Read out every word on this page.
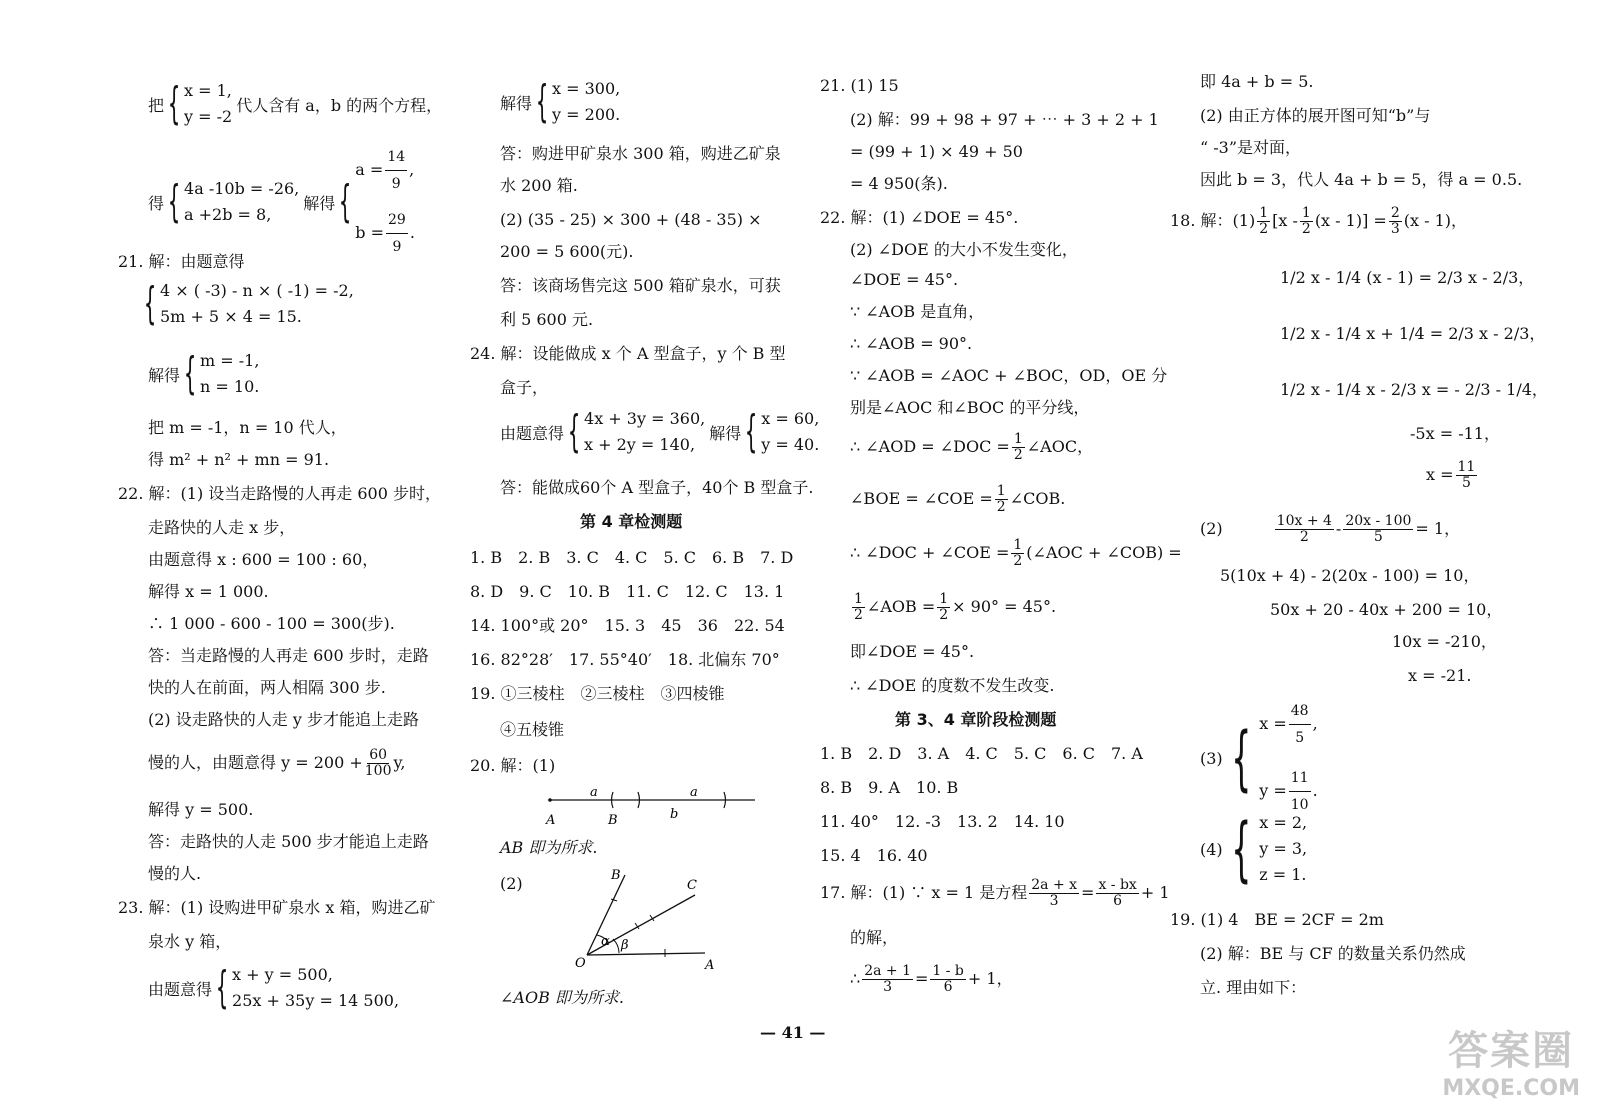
把 { x = 1,
y = -2
代人含有 a，b 的两个方程，
得 { 4a -10b = -26,
a +2b = 8,
解得 {
$a = \frac{14}{9}$ ,
$b = \frac{29}{9}$ .
21. 解：由题意得
{ 4 × ( -3) - n × ( -1) = -2,
5m + 5 × 4 = 15.
解得 { m = -1,
n = 10.
把 m = -1，n = 10 代人，
得 m² + n² + mn = 91.
22. 解：(1) 设当走路慢的人再走 600 步时，
走路快的人走 x 步，
由题意得 x : 600 = 100 : 60，
解得 x = 1 000.
∴ 1 000 - 600 - 100 = 300(步).
答：当走路慢的人再走 600 步时，走路
快的人在前面，两人相隔 300 步.
(2) 设走路快的人走 y 步才能追上走路
慢的人，由题意得 $y = 200 + \frac{60}{100} y$,
解得 y = 500.
答：走路快的人走 500 步才能追上走路
慢的人.
23. 解：(1) 设购进甲矿泉水 x 箱，购进乙矿
泉水 y 箱，
由题意得 { x + y = 500,
25x + 35y = 14 500,
解得 { x = 300,
y = 200.
答：购进甲矿泉水 300 箱，购进乙矿泉
水 200 箱.
(2) (35 - 25) × 300 + (48 - 35) ×
200 = 5 600(元).
答：该商场售完这 500 箱矿泉水，可获
利 5 600 元.
24. 解：设能做成 x 个 A 型盒子，y 个 B 型
盒子，
由题意得 { 4x + 3y = 360,
x + 2y = 140,
解得 { x = 60,
y = 40.
答：能做成60个 A 型盒子，40个 B 型盒子.
第 4 章检测题
1. B　2. B　3. C　4. C　5. C　6. B　7. D
8. D　9. C　10. B　11. C　12. C　13. 1
14. 100°或 20°　15. 3　45　36　22. 54
16. 82°28′　17. 55°40′　18. 北偏东 70°
19. ①三棱柱　②三棱柱　③四棱锥
④五棱锥
20. 解：(1)
a	a
b
A	B
AB 即为所求.
(2)	B
C
O	A
α β
∠AOB 即为所求.
21. (1) 15
(2) 解：99 + 98 + 97 + ⋯ + 3 + 2 + 1
= (99 + 1) × 49 + 50
= 4 950(条).
22. 解：(1) ∠DOE = 45°.
(2) ∠DOE 的大小不发生变化，
∠DOE = 45°.
∵ ∠AOB 是直角，
∴ ∠AOB = 90°.
∵ ∠AOB = ∠AOC + ∠BOC，OD，OE 分
别是∠AOC 和∠BOC 的平分线，
∴ ∠AOD = ∠DOC = $\frac{1}{2}$ ∠AOC，
∠BOE = ∠COE = $\frac{1}{2}$ ∠COB.
∴ ∠DOC + ∠COE = $\frac{1}{2}$ (∠AOC + ∠COB) =
$\frac{1}{2}$ ∠AOB = $\frac{1}{2} \times 90^\circ = 45^\circ$.
即∠DOE = 45°.
∴ ∠DOE 的度数不发生改变.
第 3、4 章阶段检测题
1. B　2. D　3. A　4. C　5. C　6. C　7. A
8. B　9. A　10. B
11. 40°　12. -3　13. 2　14. 10
15. 4　16. 40
17. 解：(1) ∵ x = 1 是方程 $\frac{2a + x}{3} = \frac{x - bx}{6} + 1$
的解，
∴ $\frac{2a + 1}{3} = \frac{1 - b}{6} + 1$，
即 4a + b = 5.
(2) 由正方体的展开图可知“b”与
“ -3”是对面，
因此 b = 3，代人 4a + b = 5，得 a = 0.5.
18. 解：$(1) \frac{1}{2} [x - \frac{1}{2} (x - 1)] = \frac{2}{3} (x - 1)$，
1/2 x - 1/4 (x - 1) = 2/3 x - 2/3，
1/2 x - 1/4 x + 1/4 = 2/3 x - 2/3，
1/2 x - 1/4 x - 2/3 x = - 2/3 - 1/4，
-5x = -11，
$x = \frac{11}{5}$
(2)	$\frac{10x + 4}{2} - \frac{20x - 100}{5} = 1$，
5(10x + 4) - 2(20x - 100) = 10，
50x + 20 - 40x + 200 = 10，
10x = -210，
x = -21.
(3) { $x = \frac{48}{5}$ ,
$y = \frac{11}{10}$ .
(4) { x = 2,
y = 3,
z = 1.
19. (1) 4　BE = 2CF = 2m
(2) 解：BE 与 CF 的数量关系仍然成
立. 理由如下：
— 41 —	答案圈
MXQE.COM
